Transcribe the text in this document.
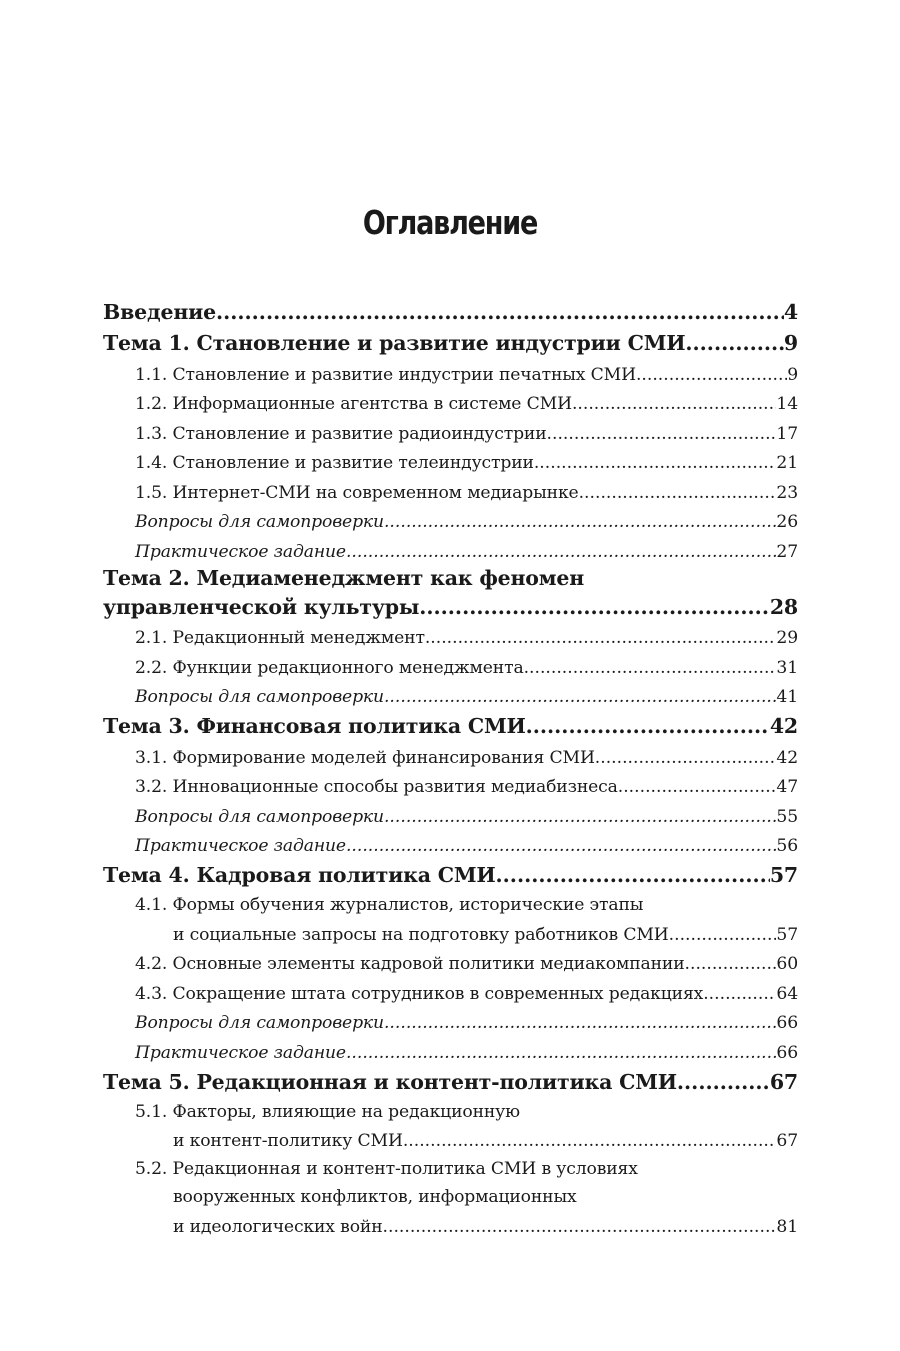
Оглавление
Введение .....	4
Тема 1. Становление и развитие индустрии СМИ .....	9
1.1. Становление и развитие индустрии печатных СМИ .....	9
1.2. Информационные агентства в системе СМИ .....	14
1.3. Становление и развитие радиоиндустрии .....	17
1.4. Становление и развитие телеиндустрии .....	21
1.5. Интернет-СМИ на современном медиарынке .....	23
Вопросы для самопроверки .....	26
Практическое задание .....	27
Тема 2. Медиаменеджмент как феномен
управленческой культуры .....	28
2.1. Редакционный менеджмент .....	29
2.2. Функции редакционного менеджмента .....	31
Вопросы для самопроверки .....	41
Тема 3. Финансовая политика СМИ .....	42
3.1. Формирование моделей финансирования СМИ .....	42
3.2. Инновационные способы развития медиабизнеса .....	47
Вопросы для самопроверки .....	55
Практическое задание .....	56
Тема 4. Кадровая политика СМИ .....	57
4.1. Формы обучения журналистов, исторические этапы
и социальные запросы на подготовку работников СМИ .....	57
4.2. Основные элементы кадровой политики медиакомпании .....	60
4.3. Сокращение штата сотрудников в современных редакциях .....	64
Вопросы для самопроверки .....	66
Практическое задание .....	66
Тема 5. Редакционная и контент-политика СМИ .....	67
5.1. Факторы, влияющие на редакционную
и контент-политику СМИ .....	67
5.2. Редакционная и контент-политика СМИ в условиях
вооруженных конфликтов, информационных
и идеологических войн .....	81
